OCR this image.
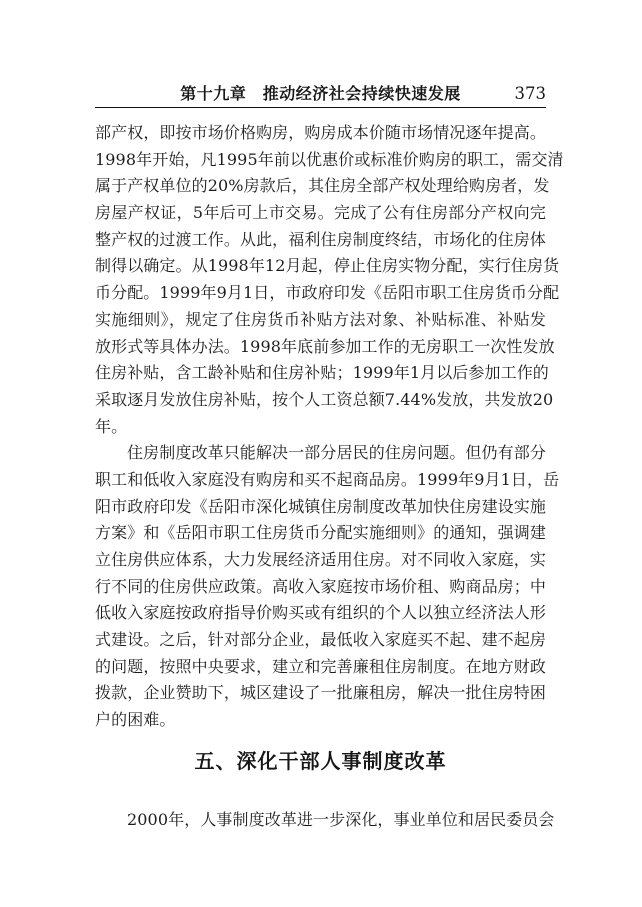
第十九章　推动经济社会持续快速发展	373
部产权，即按市场价格购房，购房成本价随市场情况逐年提高。
1998年开始，凡1995年前以优惠价或标准价购房的职工，需交清
属于产权单位的20%房款后，其住房全部产权处理给购房者，发
房屋产权证，5年后可上市交易。完成了公有住房部分产权向完
整产权的过渡工作。从此，福利住房制度终结，市场化的住房体
制得以确定。从1998年12月起，停止住房实物分配，实行住房货
币分配。1999年9月1日，市政府印发《岳阳市职工住房货币分配
实施细则》，规定了住房货币补贴方法对象、补贴标准、补贴发
放形式等具体办法。1998年底前参加工作的无房职工一次性发放
住房补贴，含工龄补贴和住房补贴；1999年1月以后参加工作的
采取逐月发放住房补贴，按个人工资总额7.44%发放，共发放20
年。
住房制度改革只能解决一部分居民的住房问题。但仍有部分
职工和低收入家庭没有购房和买不起商品房。1999年9月1日，岳
阳市政府印发《岳阳市深化城镇住房制度改革加快住房建设实施
方案》和《岳阳市职工住房货币分配实施细则》的通知，强调建
立住房供应体系，大力发展经济适用住房。对不同收入家庭，实
行不同的住房供应政策。高收入家庭按市场价租、购商品房；中
低收入家庭按政府指导价购买或有组织的个人以独立经济法人形
式建设。之后，针对部分企业，最低收入家庭买不起、建不起房
的问题，按照中央要求，建立和完善廉租住房制度。在地方财政
拨款，企业赞助下，城区建设了一批廉租房，解决一批住房特困
户的困难。
五、深化干部人事制度改革
2000年，人事制度改革进一步深化，事业单位和居民委员会
